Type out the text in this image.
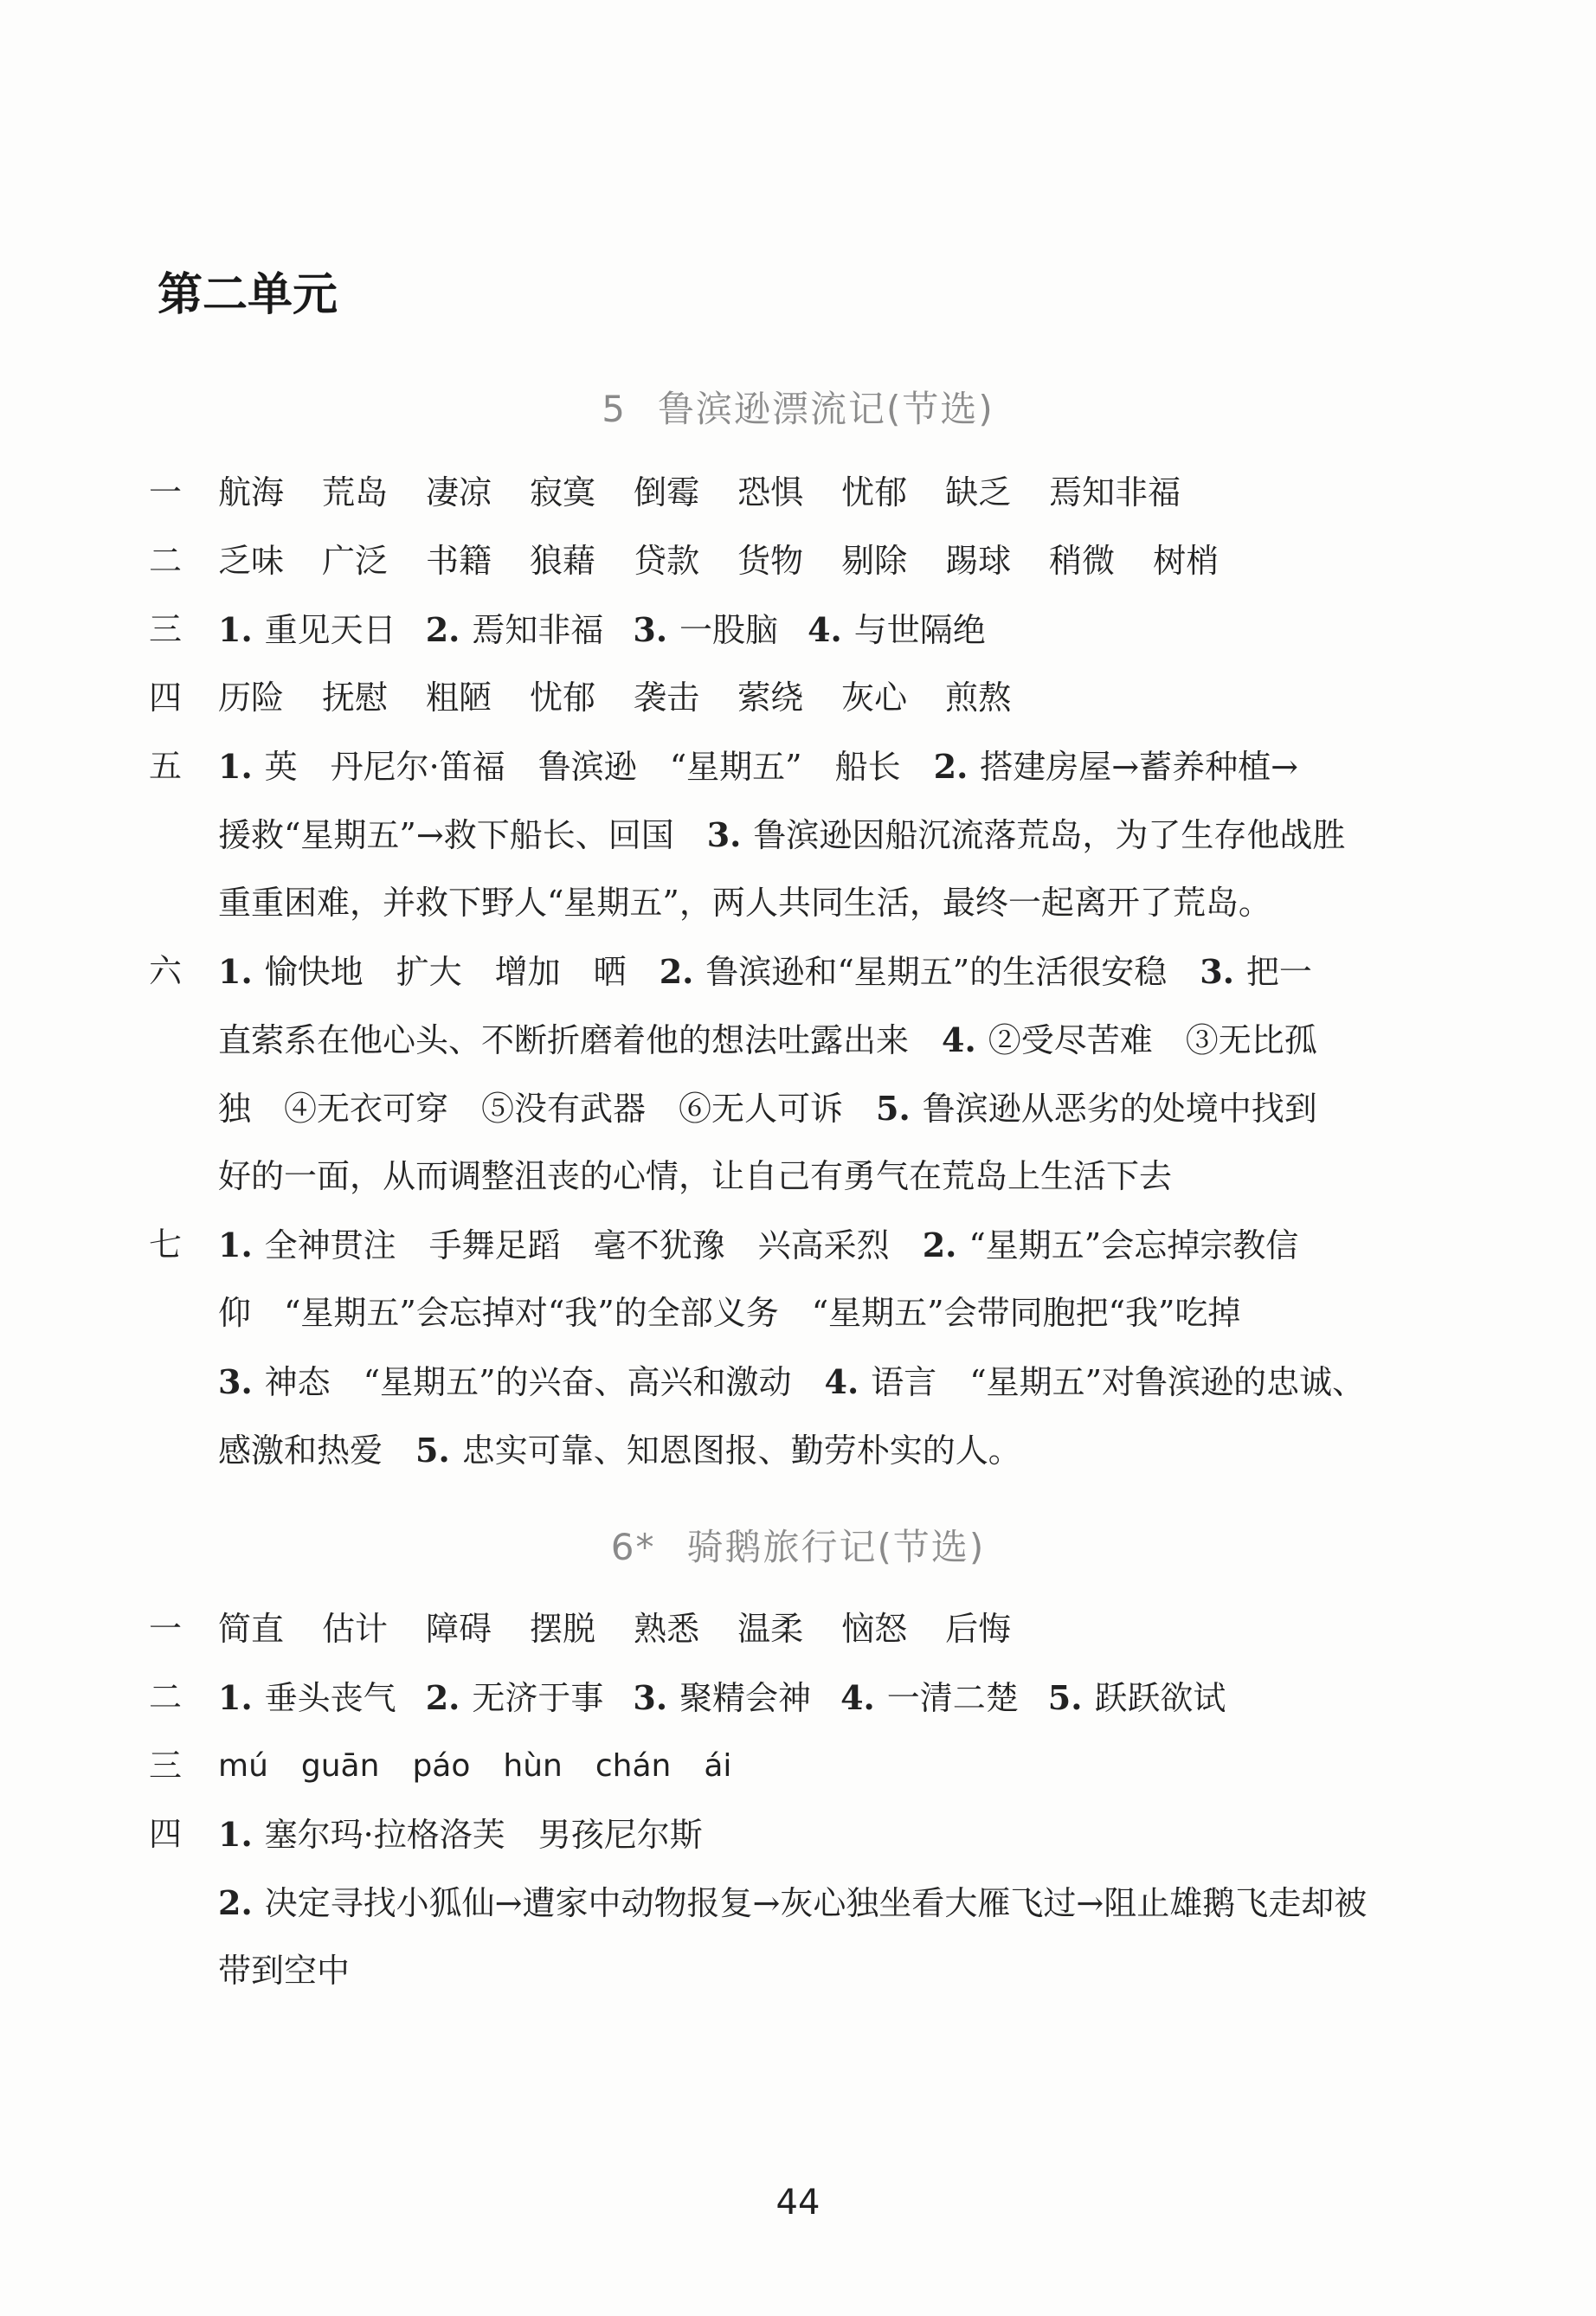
第二单元
5 鲁滨逊漂流记(节选)
一	航海 荒岛 凄凉 寂寞 倒霉 恐惧 忧郁 缺乏 焉知非福
二	乏味 广泛 书籍 狼藉 贷款 货物 剔除 踢球 稍微 树梢
三	1. 重见天日 2. 焉知非福 3. 一股脑 4. 与世隔绝
四	历险 抚慰 粗陋 忧郁 袭击 萦绕 灰心 煎熬
五	1. 英　丹尼尔·笛福　鲁滨逊　“星期五”　船长　 2. 搭建房屋→蓄养种植→
援救“星期五”→救下船长、回国　 3. 鲁滨逊因船沉流落荒岛，为了生存他战胜
重重困难，并救下野人“星期五”，两人共同生活，最终一起离开了荒岛。
六	1. 愉快地　扩大　增加　晒　 2. 鲁滨逊和“星期五”的生活很安稳　 3. 把一
直萦系在他心头、不断折磨着他的想法吐露出来　 4. ②受尽苦难　③无比孤
独　④无衣可穿　⑤没有武器　⑥无人可诉　 5. 鲁滨逊从恶劣的处境中找到
好的一面，从而调整沮丧的心情，让自己有勇气在荒岛上生活下去
七	1. 全神贯注　手舞足蹈　毫不犹豫　兴高采烈　 2. “星期五”会忘掉宗教信
仰　“星期五”会忘掉对“我”的全部义务　“星期五”会带同胞把“我”吃掉
3. 神态　“星期五”的兴奋、高兴和激动　 4. 语言　“星期五”对鲁滨逊的忠诚、
感激和热爱　 5. 忠实可靠、知恩图报、勤劳朴实的人。
6* 骑鹅旅行记(节选)
一	简直 估计 障碍 摆脱 熟悉 温柔 恼怒 后悔
二	1. 垂头丧气 2. 无济于事 3. 聚精会神 4. 一清二楚 5. 跃跃欲试
三	mú guān páo hùn chán ái
四	1. 塞尔玛·拉格洛芙　男孩尼尔斯
2. 决定寻找小狐仙→遭家中动物报复→灰心独坐看大雁飞过→阻止雄鹅飞走却被
带到空中
44
